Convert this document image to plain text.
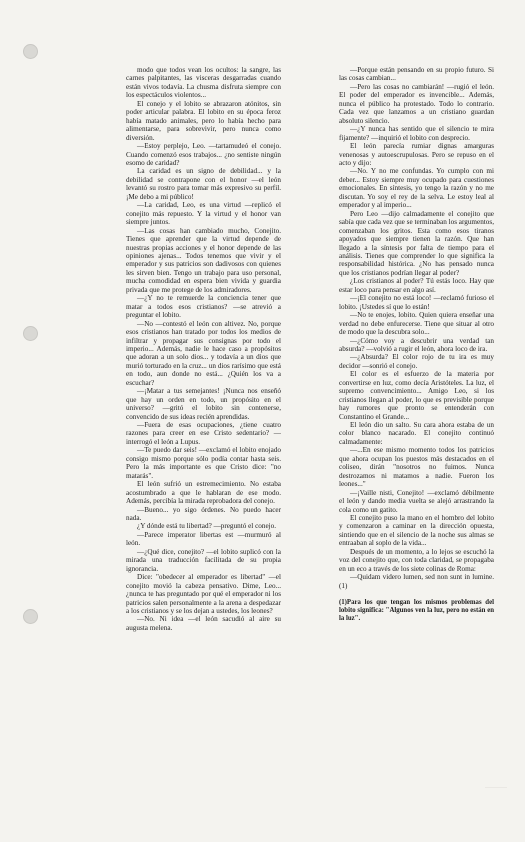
modo que todos vean los ocultos: la sangre, las carnes palpitantes, las visceras desgarradas cuando están vivos todavía. La chusma disfruta siempre con los espectáculos violentos...

El conejo y el lobito se abrazaron atónitos, sin poder articular palabra. El lobito en su época feroz había matado animales, pero lo había hecho para alimentarse, para sobrevivir, pero nunca como diversión.

—Estoy perplejo, Leo. —tartamudeó el conejo. Cuando comenzó esos trabajos... ¿no sentiste ningún esomo de caridad?

La caridad es un signo de debilidad... y la debilidad se contrapone con el honor —el león levantó su rostro para tomar más expresivo su perfil. ¡Me debo a mi público!

—La caridad, Leo, es una virtud —replicó el conejito más repuesto. Y la virtud y el honor van siempre juntos.

—Las cosas han cambiado mucho, Conejito. Tienes que aprender que la virtud depende de nuestras propias acciones y el honor depende de las opiniones ajenas... Todos tenemos que vivir y el emperador y sus patricios son dadivosos con quienes les sirven bien. Tengo un trabajo para uso personal, mucha comodidad en espera bien vivida y guardia privada que me protege de los admiradores.

—¿Y no te remuerde la conciencia tener que matar a todos esos cristianos? —se atrevió a preguntar el lobito.

—No —contestó el león con altivez. No, porque esos cristianos han tratado por todos los medios de infiltrar y propagar sus consignas por todo el imperio... Además, nadie le hace caso a propósitos que adoran a un solo dios... y todavía a un dios que murió torturado en la cruz... un dios rarísimo que está en todo, aun donde no está... ¿Quién los va a escuchar?

—¡Matar a tus semejantes! ¡Nunca nos enseñó que hay un orden en todo, un propósito en el universo? —gritó el lobito sin contenerse, convencido de sus ideas recién aprendidas.

—Fuera de esas ocupaciones, ¿tiene cuatro razones para creer en ese Cristo sedentario? —interrogó el león a Lupus.

—Te puedo dar seis! —exclamó el lobito enojado consigo mismo porque sólo podía contar hasta seis. Pero la más importante es que Cristo dice: "no matarás".

El león sufrió un estremecimiento. No estaba acostumbrado a que le hablaran de ese modo. Además, percibía la mirada reprobadora del conejo.

—Bueno... yo sigo órdenes. No puedo hacer nada.

¿Y dónde está tu libertad? —preguntó el conejo.

—Parece imperator libertas est —murmuró al león.

—¿Qué dice, conejito? —el lobito suplicó con la mirada una traducción facilitada de su propia ignorancia.

Dice: "obedecer al emperador es libertad" —el conejito movió la cabeza pensativo. Dime, Leo... ¿nunca te has preguntado por qué el emperador ni los patricios salen personalmente a la arena a despedazar a los cristianos y se los dejan a ustedes, los leones?

—No. Ni idea —el león sacudió al aire su augusta melena.

—Porque están pensando en su propio futuro. Si las cosas cambian...

—Pero las cosas no cambiarán! —rugió el león. El poder del emperador es invencible... Además, nunca el público ha protestado. Todo lo contrario. Cada vez que lanzamos a un cristiano guardan absoluto silencio.

—¿Y nunca has sentido que el silencio te mira fijamente? —inquirió el lobito con desprecio.

El león parecía rumiar dignas amarguras venenosas y autoescrupulosas. Pero se repuso en el acto y dijo:

—No. Y no me confundas. Yo cumplo con mi deber... Estoy siempre muy ocupado para cuestiones emocionales. En síntesis, yo tengo la razón y no me discutan. Yo soy el rey de la selva. Le estoy leal al emperador y al imperio...

Pero Leo —dijo calmadamente el conejito que sabía que cada vez que se terminaban los argumentos, comenzaban los gritos. Esta como esos tiranos apoyados que siempre tienen la razón. Que han llegado a la síntesis por falta de tiempo para el análisis. Tienes que comprender lo que significa la responsabilidad histórica. ¿No has pensado nunca que los cristianos podrían llegar al poder?

¿Los cristianos al poder? Tú estás loco. Hay que estar loco para pensar en algo así.

—¡El conejito no está loco! —reclamó furioso el lobito. ¡Ustedes sí que lo están!

—No te enojes, lobito. Quien quiera enseñar una verdad no debe enfurecerse. Tiene que situar al otro de modo que la descubra solo...

—¿Cómo voy a descubrir una verdad tan absurda? —volvió a rugir el león, ahora loco de ira.

—¿Absurda? El color rojo de tu ira es muy decidor —sonrió el conejo.

El color es el esfuerzo de la materia por convertirse en luz, como decía Aristóteles. La luz, el supremo convencimiento... Amigo Leo, si los cristianos llegan al poder, lo que es previsible porque hay rumores que pronto se entenderán con Constantino el Grande...

El león dio un salto. Su cara ahora estaba de un color blanco nacarado. El conejito continuó calmadamente:

—...En ese mismo momento todos los patricios que ahora ocupan los puestos más destacados en el coliseo, dirán "nosotros no fuimos. Nunca destrozamos ni matamos a nadie. Fueron los leones..."

—¡Vaille nisti, Conejito! —exclamó débilmente el león y dando media vuelta se alejó arrastrando la cola como un gatito.

El conejito puso la mano en el hombro del lobito y comenzaron a caminar en la dirección opuesta, sintiendo que en el silencio de la noche sus almas se entraaban al soplo de la vida...

Después de un momento, a lo lejos se escuchó la voz del conejito que, con toda claridad, se propagaba en un eco a través de los siete colinas de Roma:

—Quidam videro lumen, sed non sunt in lumine. (1)

(1)Para los que tengan los mismos problemas del lobito significa: "Algunos ven la luz, pero no están en la luz".
